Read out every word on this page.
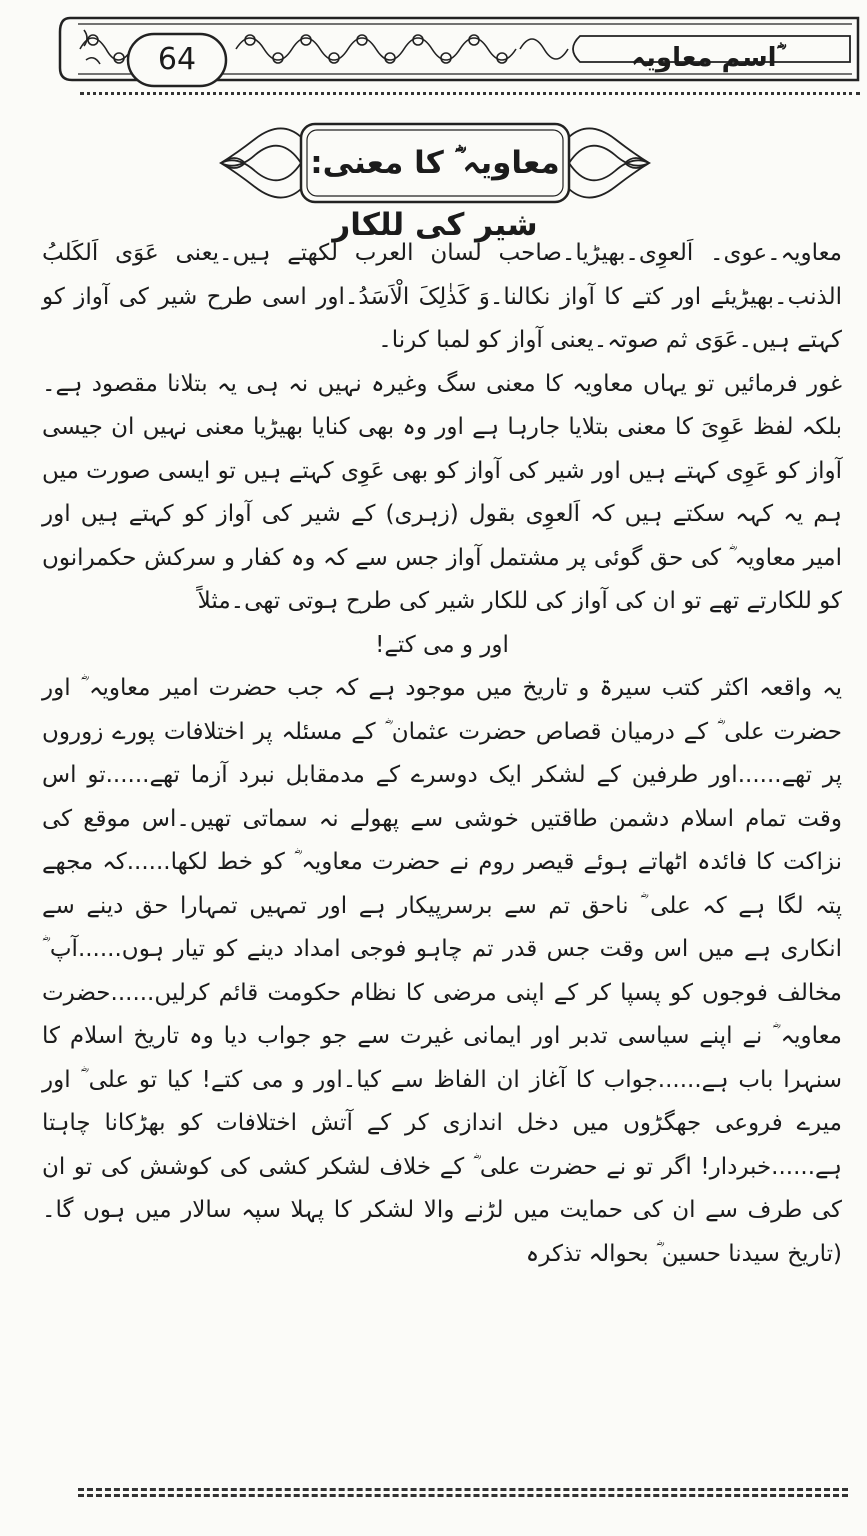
64	اسم معاویہ ؓ
معاویہ ؓ کا معنی: شیر کی للکار

معاویہ۔عوی۔ اَلعوِی۔بھیڑیا۔صاحب لسان العرب لکھتے ہیں۔یعنی عَوَی اَلکَلبُ الذنب۔بھیڑیئے اور کتے کا آواز نکالنا۔وَ کَذٰلِکَ الْاَسَدُ۔اور اسی طرح شیر کی آواز کو کہتے ہیں۔عَوَی ثم صوتہ۔یعنی آواز کو لمبا کرنا۔

غور فرمائیں تو یہاں معاویہ کا معنی سگ وغیرہ نہیں نہ ہی یہ بتلانا مقصود ہے۔بلکہ لفظ عَوِیَ کا معنی بتلایا جارہا ہے اور وہ بھی کنایا بھیڑیا معنی نہیں ان جیسی آواز کو عَوِی کہتے ہیں اور شیر کی آواز کو بھی عَوِی کہتے ہیں تو ایسی صورت میں ہم یہ کہہ سکتے ہیں کہ اَلعوِی بقول (زہری) کے شیر کی آواز کو کہتے ہیں اور امیر معاویہ ؓ کی حق گوئی پر مشتمل آواز جس سے کہ وہ کفار و سرکش حکمرانوں کو للکارتے تھے تو ان کی آواز کی للکار شیر کی طرح ہوتی تھی۔مثلاً

اور و می کتے!

یہ واقعہ اکثر کتب سیرۃ و تاریخ میں موجود ہے کہ جب حضرت امیر معاویہ ؓ اور حضرت علی ؓ کے درمیان قصاص حضرت عثمان ؓ کے مسئلہ پر اختلافات پورے زوروں پر تھے......اور طرفین کے لشکر ایک دوسرے کے مدمقابل نبرد آزما تھے......تو اس وقت تمام اسلام دشمن طاقتیں خوشی سے پھولے نہ سماتی تھیں۔اس موقع کی نزاکت کا فائدہ اٹھاتے ہوئے قیصر روم نے حضرت معاویہ ؓ کو خط لکھا......کہ مجھے پتہ لگا ہے کہ علی ؓ ناحق تم سے برسرپیکار ہے اور تمہیں تمہارا حق دینے سے انکاری ہے میں اس وقت جس قدر تم چاہو فوجی امداد دینے کو تیار ہوں......آپ ؓ مخالف فوجوں کو پسپا کر کے اپنی مرضی کا نظام حکومت قائم کرلیں......حضرت معاویہ ؓ نے اپنے سیاسی تدبر اور ایمانی غیرت سے جو جواب دیا وہ تاریخ اسلام کا سنہرا باب ہے......جواب کا آغاز ان الفاظ سے کیا۔اور و می کتے! کیا تو علی ؓ اور میرے فروعی جھگڑوں میں دخل اندازی کر کے آتش اختلافات کو بھڑکانا چاہتا ہے......خبردار! اگر تو نے حضرت علی ؓ کے خلاف لشکر کشی کی کوشش کی تو ان کی طرف سے ان کی حمایت میں لڑنے والا لشکر کا پہلا سپہ سالار میں ہوں گا۔(تاریخ سیدنا حسین ؓ بحوالہ تذکرہ
